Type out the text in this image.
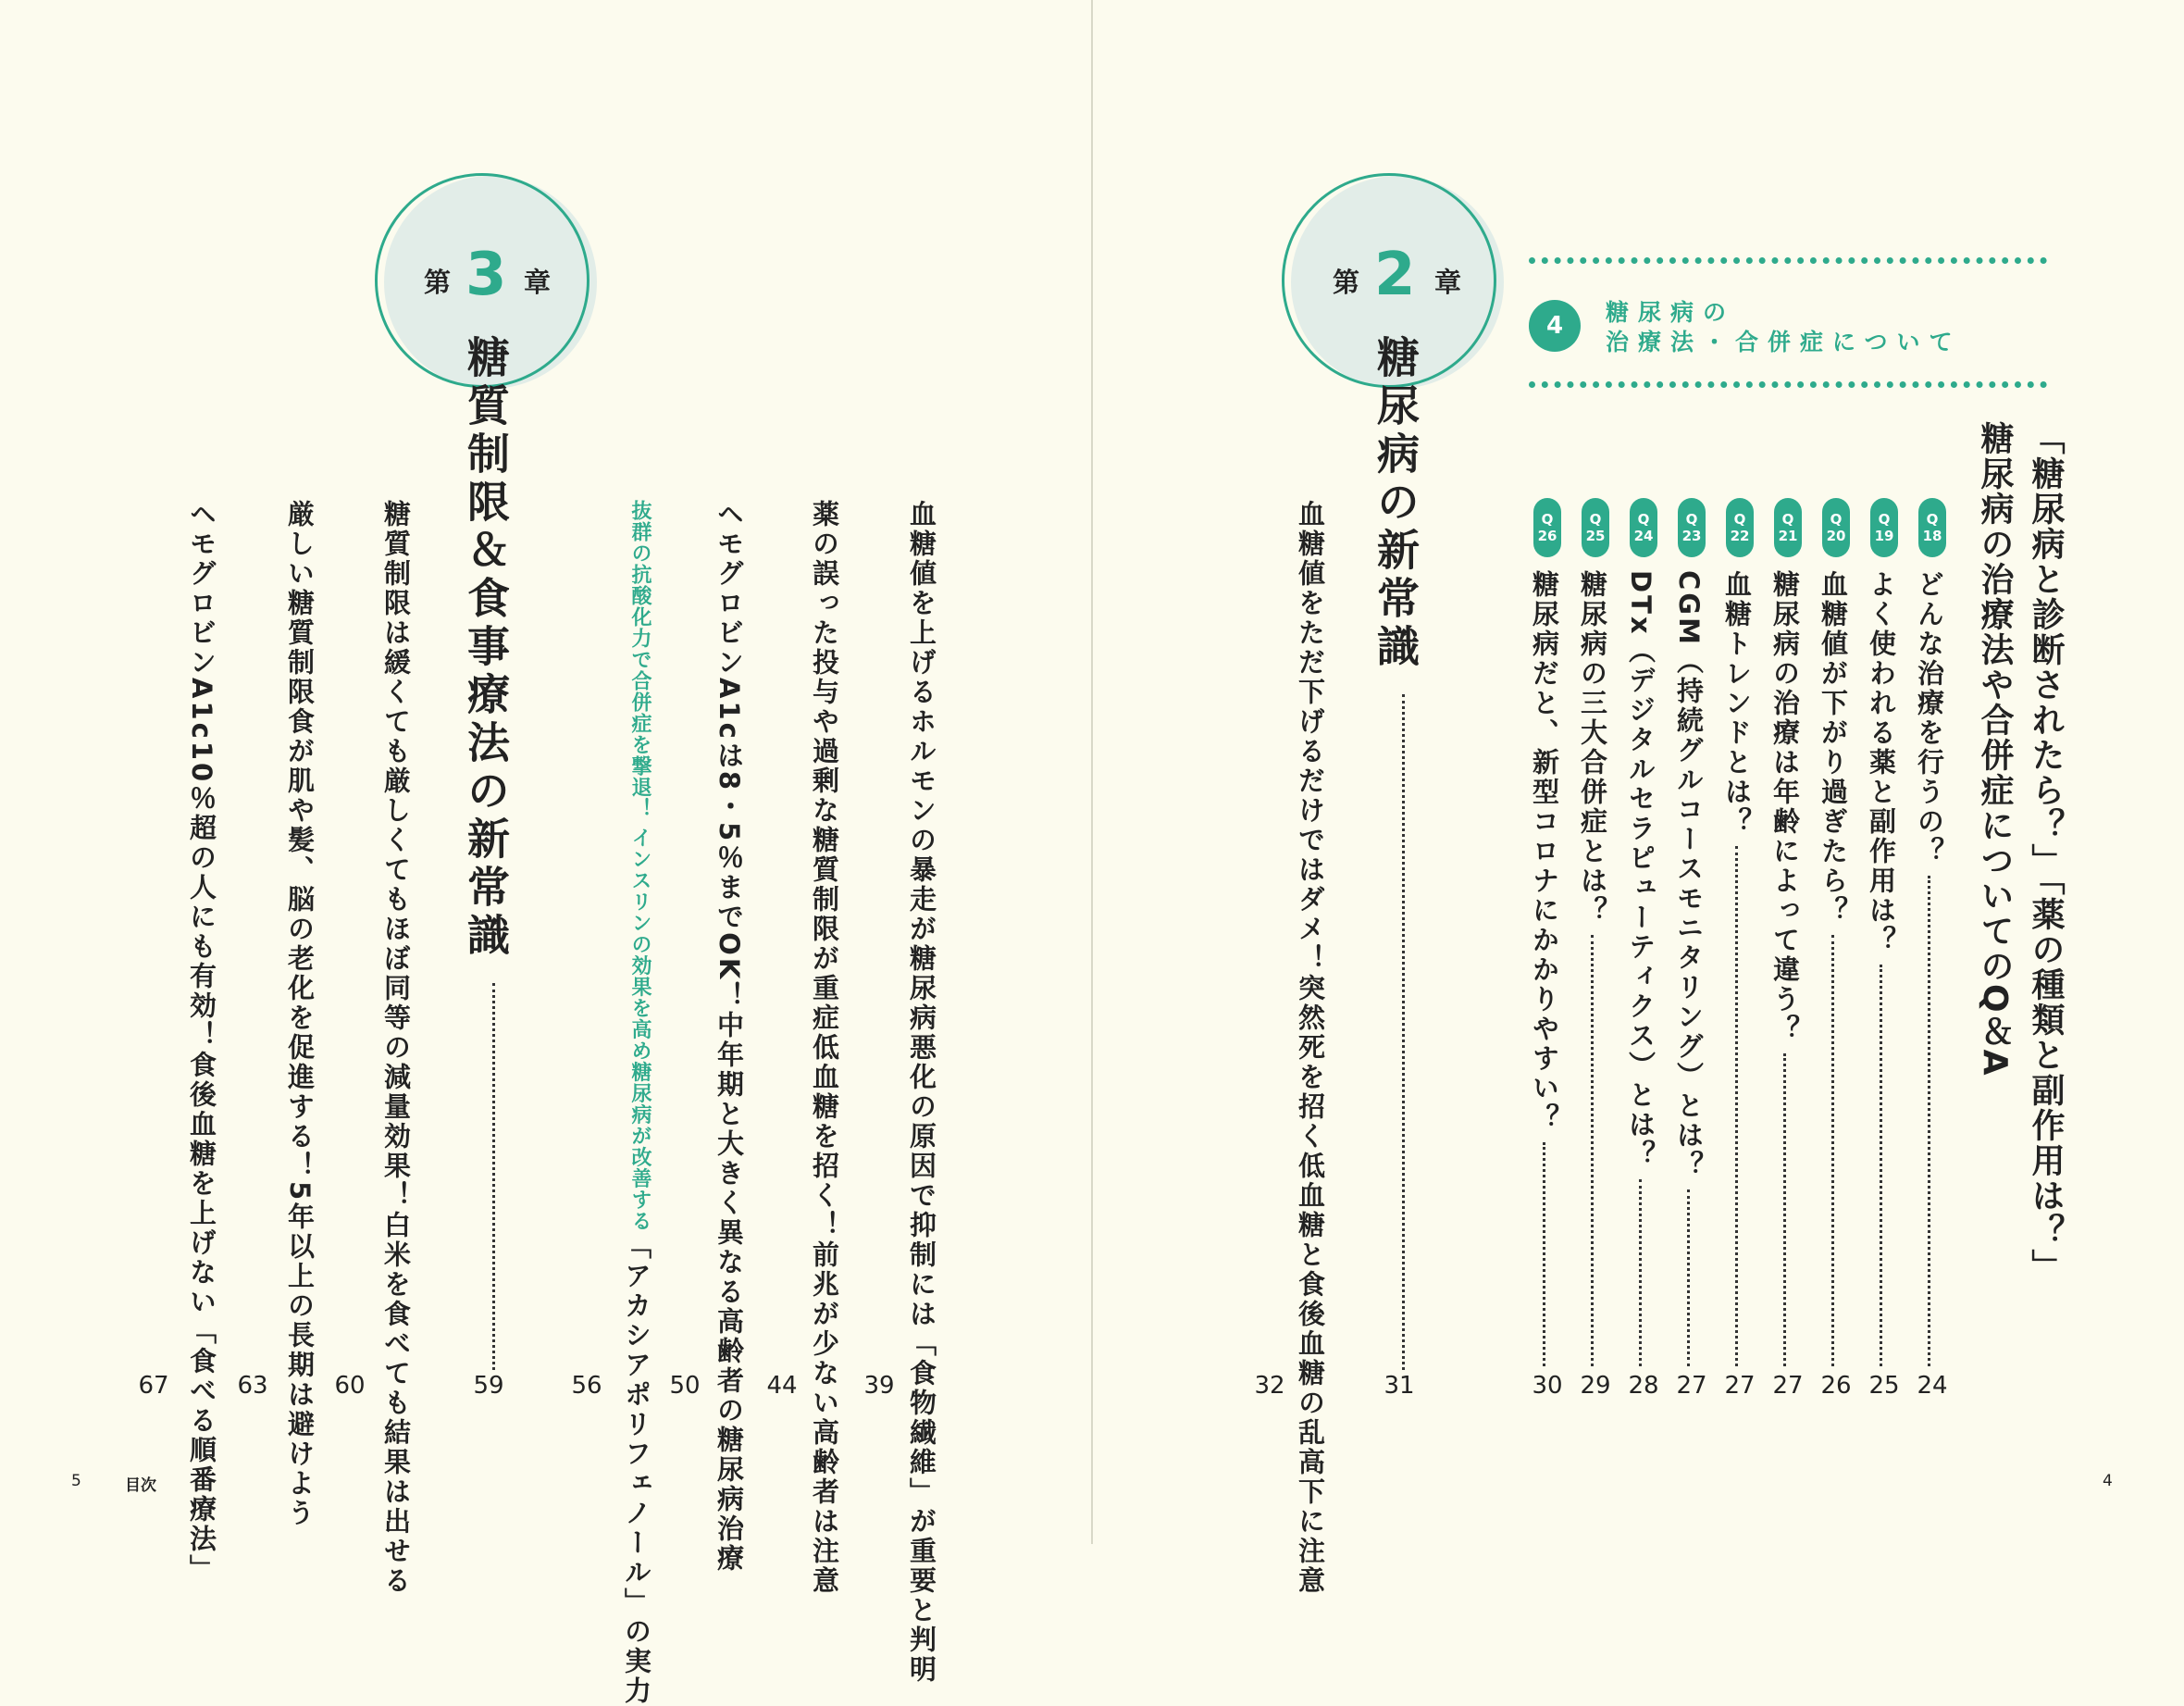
第 3 章
糖質制限＆食事療法の新常識
59
血糖値を上げるホルモンの暴走が糖尿病悪化の原因で
抑制には「食物繊維」が重要と判明
39
薬の誤った投与や過剰な糖質制限が重症低血糖を招く！
前兆が少ない高齢者は注意
44
ヘモグロビンA1cは8・5％までOK！
中年期と大きく異なる高齢者の糖尿病治療
50
抜群の抗酸化力で合併症を撃退！ インスリンの効果を高め糖尿病が改善する
「アカシアポリフェノール」の実力
56
糖質制限は緩くても厳しくてもほぼ同等の減量効果！
白米を食べても結果は出せる
60
厳しい糖質制限食が肌や髪、脳の老化を促進する！
5年以上の長期は避けよう
63
ヘモグロビンA1c10％超の人にも有効！
食後血糖を上げない「食べる順番療法」
67
5	目次
第 2 章
糖尿病の新常識
31
血糖値をただ下げるだけではダメ！
突然死を招く低血糖と食後血糖の乱高下に注意
32
4 糖尿病の
治療法・合併症について
「糖尿病と診断されたら？」「薬の種類と副作用は？」
糖尿病の治療法や合併症についてのQ＆A
Q
18
どんな治療を行うの？
24
Q
19
よく使われる薬と副作用は？
25
Q
20
血糖値が下がり過ぎたら？
26
Q
21
糖尿病の治療は年齢によって違う？
27
Q
22
血糖トレンドとは？
27
Q
23
CGM（持続グルコースモニタリング）とは？
27
Q
24
DTx（デジタルセラピューティクス）とは？
28
Q
25
糖尿病の三大合併症とは？
29
Q
26
糖尿病だと、新型コロナにかかりやすい？
30
4
